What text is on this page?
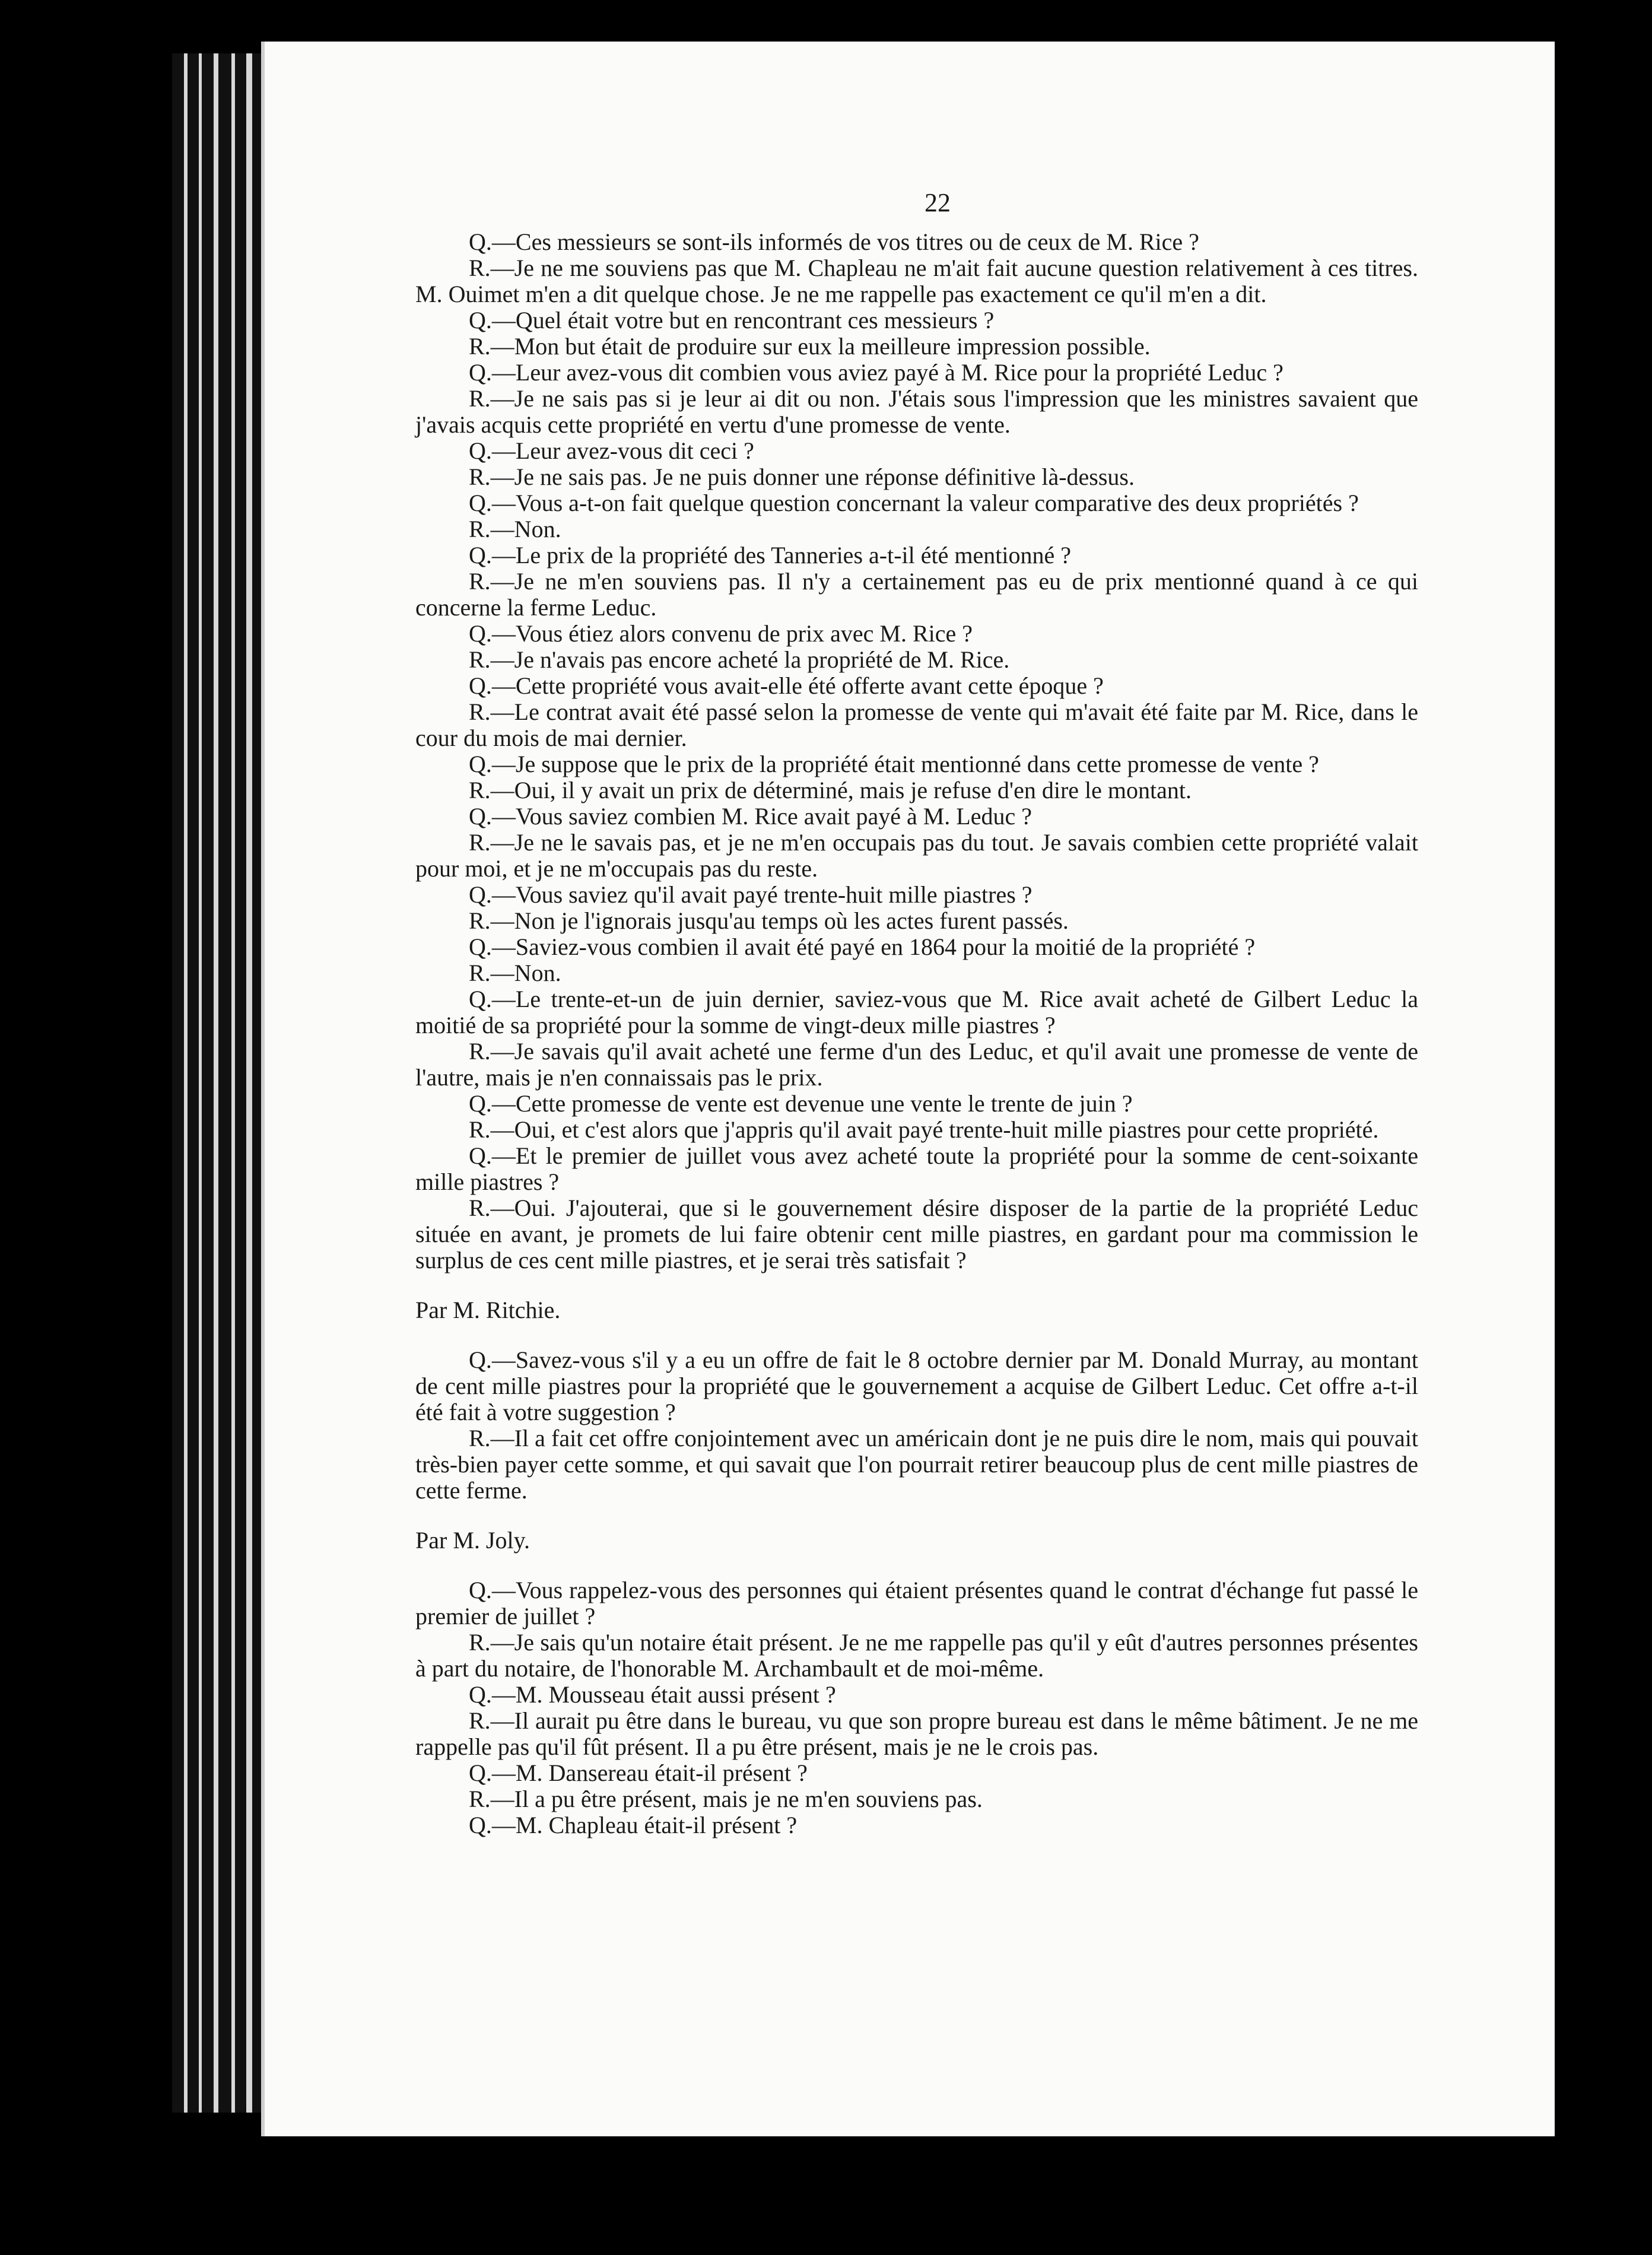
22

Q.—Ces messieurs se sont-ils informés de vos titres ou de ceux de M. Rice ?

R.—Je ne me souviens pas que M. Chapleau ne m'ait fait aucune question relativement à ces titres. M. Ouimet m'en a dit quelque chose. Je ne me rappelle pas exactement ce qu'il m'en a dit.

Q.—Quel était votre but en rencontrant ces messieurs ?

R.—Mon but était de produire sur eux la meilleure impression possible.

Q.—Leur avez-vous dit combien vous aviez payé à M. Rice pour la propriété Leduc ?

R.—Je ne sais pas si je leur ai dit ou non. J'étais sous l'impression que les ministres savaient que j'avais acquis cette propriété en vertu d'une promesse de vente.

Q.—Leur avez-vous dit ceci ?

R.—Je ne sais pas. Je ne puis donner une réponse définitive là-dessus.

Q.—Vous a-t-on fait quelque question concernant la valeur comparative des deux propriétés ?

R.—Non.

Q.—Le prix de la propriété des Tanneries a-t-il été mentionné ?

R.—Je ne m'en souviens pas. Il n'y a certainement pas eu de prix mentionné quand à ce qui concerne la ferme Leduc.

Q.—Vous étiez alors convenu de prix avec M. Rice ?

R.—Je n'avais pas encore acheté la propriété de M. Rice.

Q.—Cette propriété vous avait-elle été offerte avant cette époque ?

R.—Le contrat avait été passé selon la promesse de vente qui m'avait été faite par M. Rice, dans le cour du mois de mai dernier.

Q.—Je suppose que le prix de la propriété était mentionné dans cette promesse de vente ?

R.—Oui, il y avait un prix de déterminé, mais je refuse d'en dire le montant.

Q.—Vous saviez combien M. Rice avait payé à M. Leduc ?

R.—Je ne le savais pas, et je ne m'en occupais pas du tout. Je savais combien cette propriété valait pour moi, et je ne m'occupais pas du reste.

Q.—Vous saviez qu'il avait payé trente-huit mille piastres ?

R.—Non je l'ignorais jusqu'au temps où les actes furent passés.

Q.—Saviez-vous combien il avait été payé en 1864 pour la moitié de la propriété ?

R.—Non.

Q.—Le trente-et-un de juin dernier, saviez-vous que M. Rice avait acheté de Gilbert Leduc la moitié de sa propriété pour la somme de vingt-deux mille piastres ?

R.—Je savais qu'il avait acheté une ferme d'un des Leduc, et qu'il avait une promesse de vente de l'autre, mais je n'en connaissais pas le prix.

Q.—Cette promesse de vente est devenue une vente le trente de juin ?

R.—Oui, et c'est alors que j'appris qu'il avait payé trente-huit mille piastres pour cette propriété.

Q.—Et le premier de juillet vous avez acheté toute la propriété pour la somme de cent-soixante mille piastres ?

R.—Oui. J'ajouterai, que si le gouvernement désire disposer de la partie de la propriété Leduc située en avant, je promets de lui faire obtenir cent mille piastres, en gardant pour ma commission le surplus de ces cent mille piastres, et je serai très satisfait ?

Par M. Ritchie.

Q.—Savez-vous s'il y a eu un offre de fait le 8 octobre dernier par M. Donald Murray, au montant de cent mille piastres pour la propriété que le gouvernement a acquise de Gilbert Leduc. Cet offre a-t-il été fait à votre suggestion ?

R.—Il a fait cet offre conjointement avec un américain dont je ne puis dire le nom, mais qui pouvait très-bien payer cette somme, et qui savait que l'on pourrait retirer beaucoup plus de cent mille piastres de cette ferme.

Par M. Joly.

Q.—Vous rappelez-vous des personnes qui étaient présentes quand le contrat d'échange fut passé le premier de juillet ?

R.—Je sais qu'un notaire était présent. Je ne me rappelle pas qu'il y eût d'autres personnes présentes à part du notaire, de l'honorable M. Archambault et de moi-même.

Q.—M. Mousseau était aussi présent ?

R.—Il aurait pu être dans le bureau, vu que son propre bureau est dans le même bâtiment. Je ne me rappelle pas qu'il fût présent. Il a pu être présent, mais je ne le crois pas.

Q.—M. Dansereau était-il présent ?

R.—Il a pu être présent, mais je ne m'en souviens pas.

Q.—M. Chapleau était-il présent ?
